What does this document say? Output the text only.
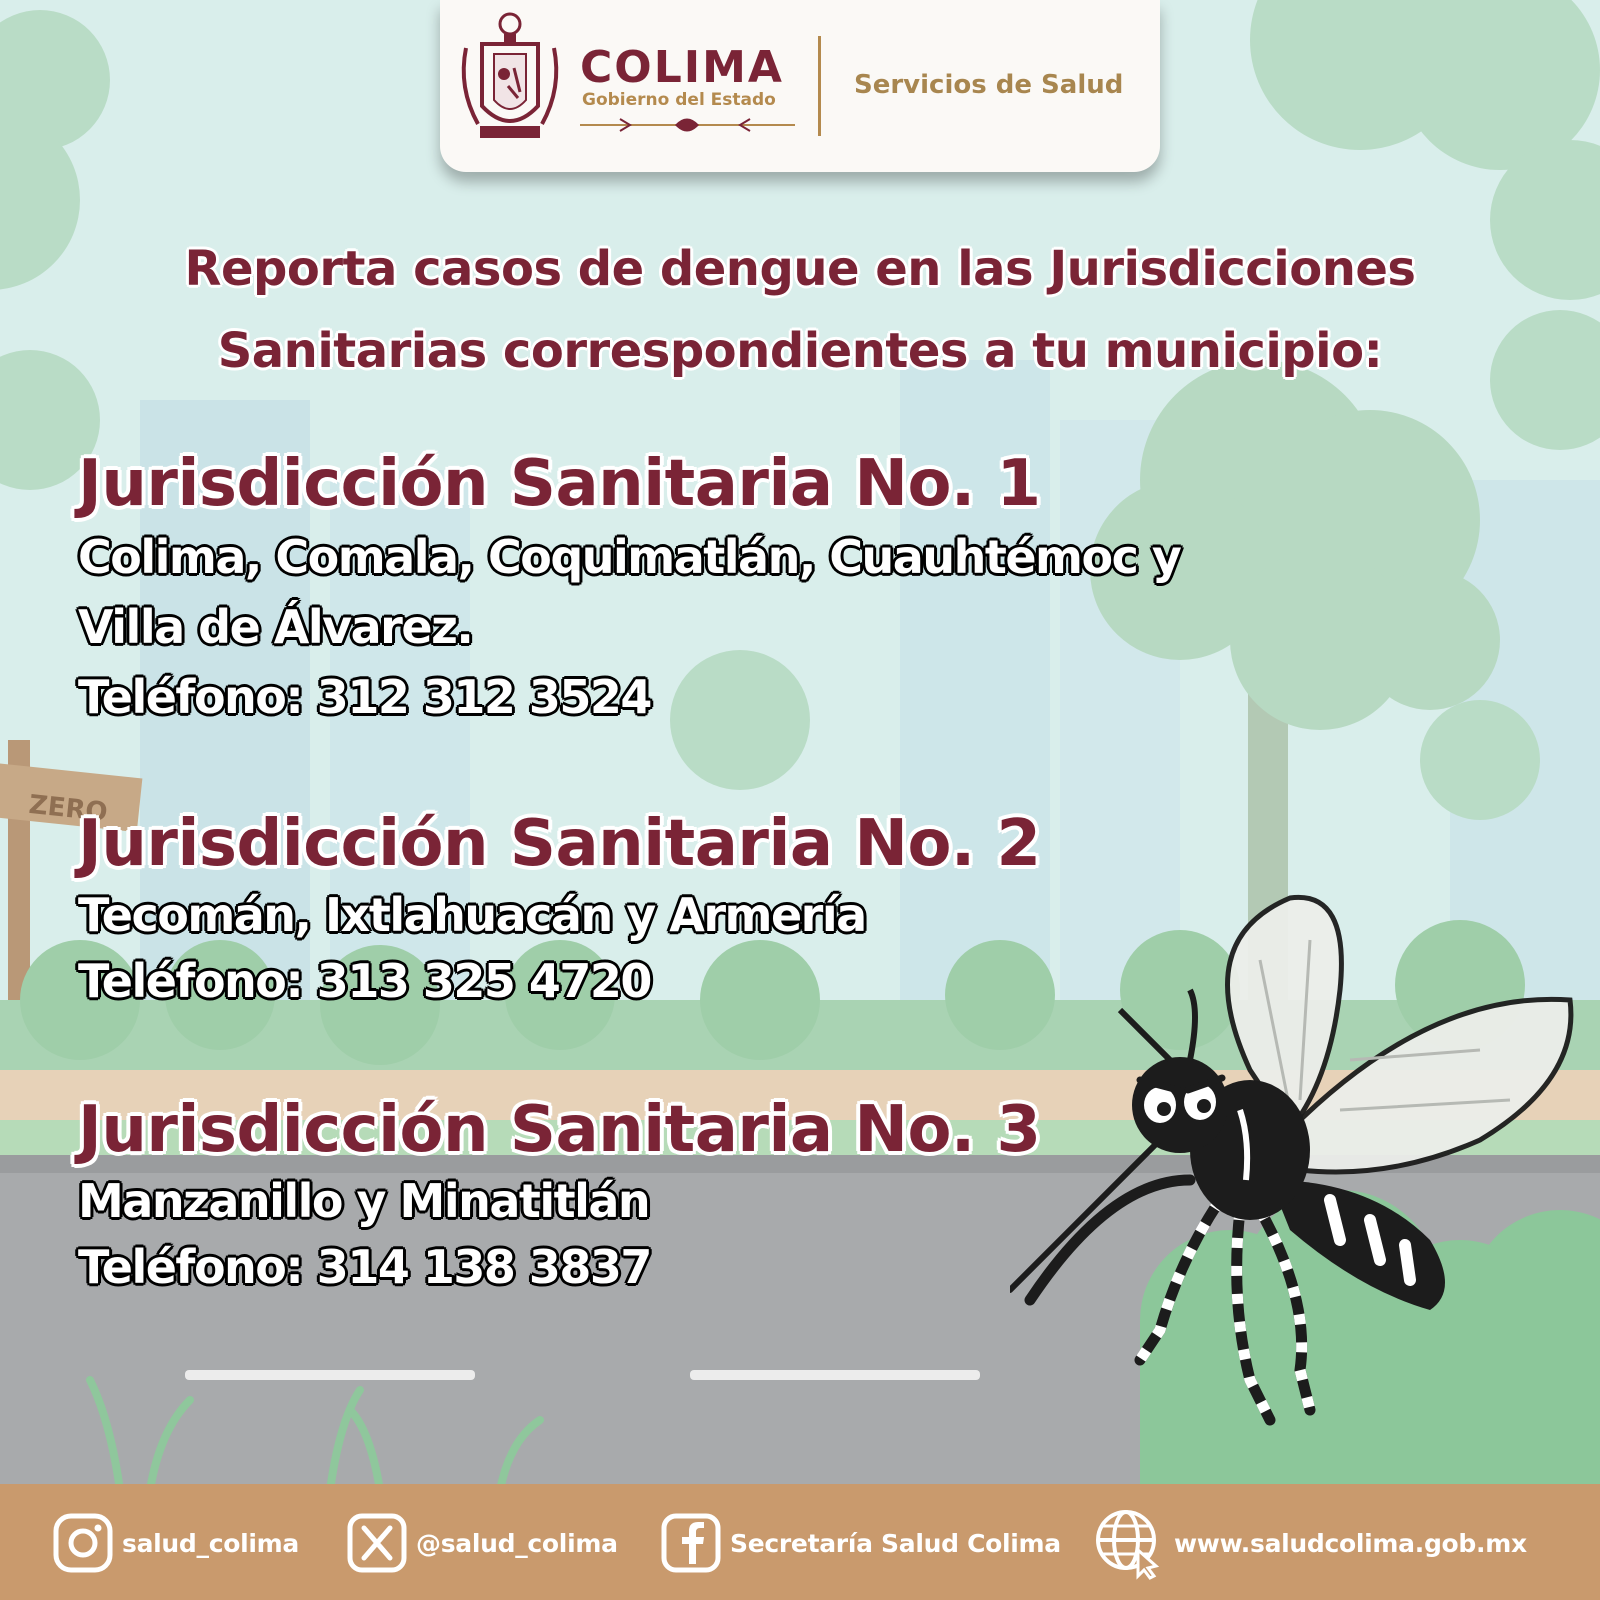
ZERO
COLIMA
Gobierno del Estado	Servicios de Salud
Reporta casos de dengue en las Jurisdicciones
Sanitarias correspondientes a tu municipio:
Jurisdicción Sanitaria No. 1
Colima, Comala, Coquimatlán, Cuauhtémoc y
Villa de Álvarez.
Teléfono: 312 312 3524
Jurisdicción Sanitaria No. 2
Tecomán, Ixtlahuacán y Armería
Teléfono: 313 325 4720
Jurisdicción Sanitaria No. 3
Manzanillo y Minatitlán
Teléfono: 314 138 3837
salud_colima	@salud_colima	Secretaría Salud Colima	www.saludcolima.gob.mx
